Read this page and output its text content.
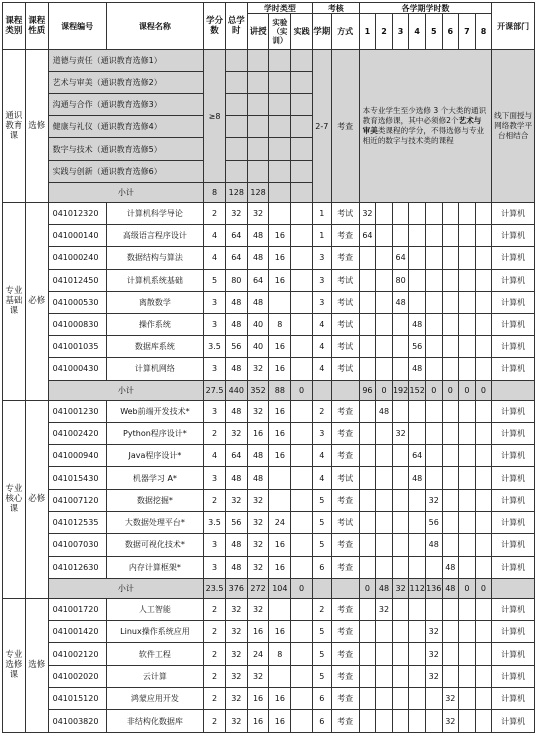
课程类别	课程性质	课程编号	课程名称	学分数	总学时	学时类型			考核		各学期学时数								开课部门
						讲授	实验（实训）	实践	学期	方式	1	2	3	4	5	6	7	8	
通识教育课	选修	道德与责任（通识教育选修1）		≥8					2-7	考查	本专业学生至少选修 3 个大类的通识教育选修课，其中必须修2个艺术与审美类课程的学分，不得选修与专业相近的数字与技术类的课程								线下面授与网络教学平台相结合
		艺术与审美（通识教育选修2）																	
		沟通与合作（通识教育选修3）																	
		健康与礼仪（通识教育选修4）																	
		数字与技术（通识教育选修5）																	
		实践与创新（通识教育选修6）																	
		小计		8	128	128													
专业基础课	必修	041012320	计算机科学导论	2	32	32			1	考试	32								计算机
		041000140	高级语言程序设计	4	64	48	16		1	考查	64								计算机
		041000240	数据结构与算法	4	64	48	16		3	考查			64						计算机
		041012450	计算机系统基础	5	80	64	16		3	考试			80						计算机
		041000530	离散数学	3	48	48			3	考试			48						计算机
		041000830	操作系统	3	48	40	8		4	考试				48					计算机
		041001035	数据库系统	3.5	56	40	16		4	考试				56					计算机
		041000430	计算机网络	3	48	32	16		4	考试				48					计算机
		小计		27.5	440	352	88	0			96	0	192	152	0	0	0	0	
专业核心课	必修	041001230	Web前端开发技术*	3	48	32	16		2	考查		48							计算机
		041002420	Python程序设计*	2	32	16	16		3	考查			32						计算机
		041000940	Java程序设计*	4	64	48	16		4	考查				64					计算机
		041015430	机器学习 A*	3	48	48			4	考试				48					计算机
		041007120	数据挖掘*	2	32	32			5	考查					32				计算机
		041012535	大数据处理平台*	3.5	56	32	24		5	考试					56				计算机
		041007030	数据可视化技术*	3	48	32	16		5	考查					48				计算机
		041012630	内存计算框架*	3	48	32	16		6	考查						48			计算机
		小计		23.5	376	272	104	0			0	48	32	112	136	48	0	0	
专业选修课	选修	041001720	人工智能	2	32	32			2	考查		32							计算机
		041001420	Linux操作系统应用	2	32	16	16		5	考查					32				计算机
		041002120	软件工程	2	32	24	8		5	考查					32				计算机
		041002020	云计算	2	32	32			5	考查					32				计算机
		041015120	鸿蒙应用开发	2	32	16	16		6	考查						32			计算机
		041003820	非结构化数据库	2	32	16	16		6	考查						32			计算机
